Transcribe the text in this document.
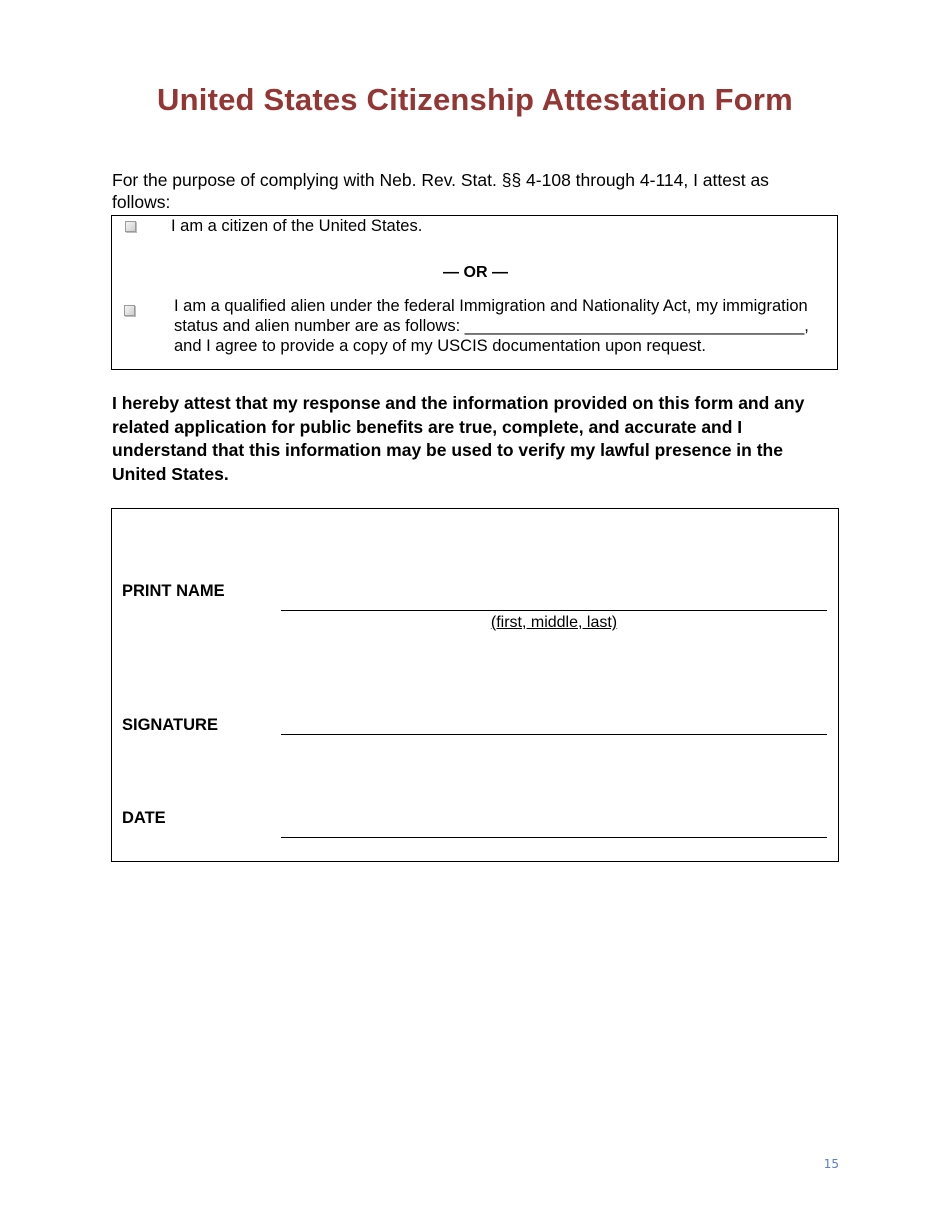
United States Citizenship Attestation Form
For the purpose of complying with Neb. Rev. Stat. §§ 4-108 through 4-114, I attest as follows:
I am a citizen of the United States.
— OR —
I am a qualified alien under the federal Immigration and Nationality Act, my immigration status and alien number are as follows: _____________________________________,
and I agree to provide a copy of my USCIS documentation upon request.
I hereby attest that my response and the information provided on this form and any related application for public benefits are true, complete, and accurate and I understand that this information may be used to verify my lawful presence in the United States.
PRINT NAME
(first, middle, last)
SIGNATURE
DATE
15
